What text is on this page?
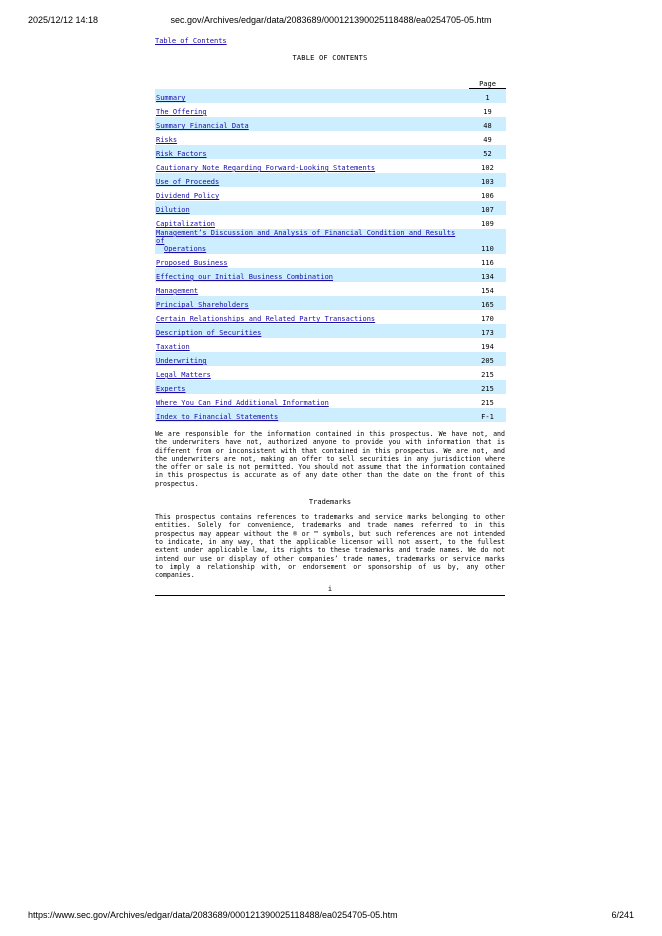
2025/12/12 14:18	sec.gov/Archives/edgar/data/2083689/000121390025118488/ea0254705-05.htm
Table of Contents
TABLE OF CONTENTS
	Page
Summary	1
The Offering	19
Summary Financial Data	48
Risks	49
Risk Factors	52
Cautionary Note Regarding Forward-Looking Statements	102
Use of Proceeds	103
Dividend Policy	106
Dilution	107
Capitalization	109
Management’s Discussion and Analysis of Financial Condition and Results of
Operations	110
Proposed Business	116
Effecting our Initial Business Combination	134
Management	154
Principal Shareholders	165
Certain Relationships and Related Party Transactions	170
Description of Securities	173
Taxation	194
Underwriting	205
Legal Matters	215
Experts	215
Where You Can Find Additional Information	215
Index to Financial Statements	F-1

We are responsible for the information contained in this prospectus. We have not, and the underwriters have not, authorized anyone to provide you with information that is different from or inconsistent with that contained in this prospectus. We are not, and the underwriters are not, making an offer to sell securities in any jurisdiction where the offer or sale is not permitted. You should not assume that the information contained in this prospectus is accurate as of any date other than the date on the front of this prospectus.

Trademarks

This prospectus contains references to trademarks and service marks belonging to other entities. Solely for convenience, trademarks and trade names referred to in this prospectus may appear without the ® or ™ symbols, but such references are not intended to indicate, in any way, that the applicable licensor will not assert, to the fullest extent under applicable law, its rights to these trademarks and trade names. We do not intend our use or display of other companies’ trade names, trademarks or service marks to imply a relationship with, or endorsement or sponsorship of us by, any other companies.

i
https://www.sec.gov/Archives/edgar/data/2083689/000121390025118488/ea0254705-05.htm	6/241
